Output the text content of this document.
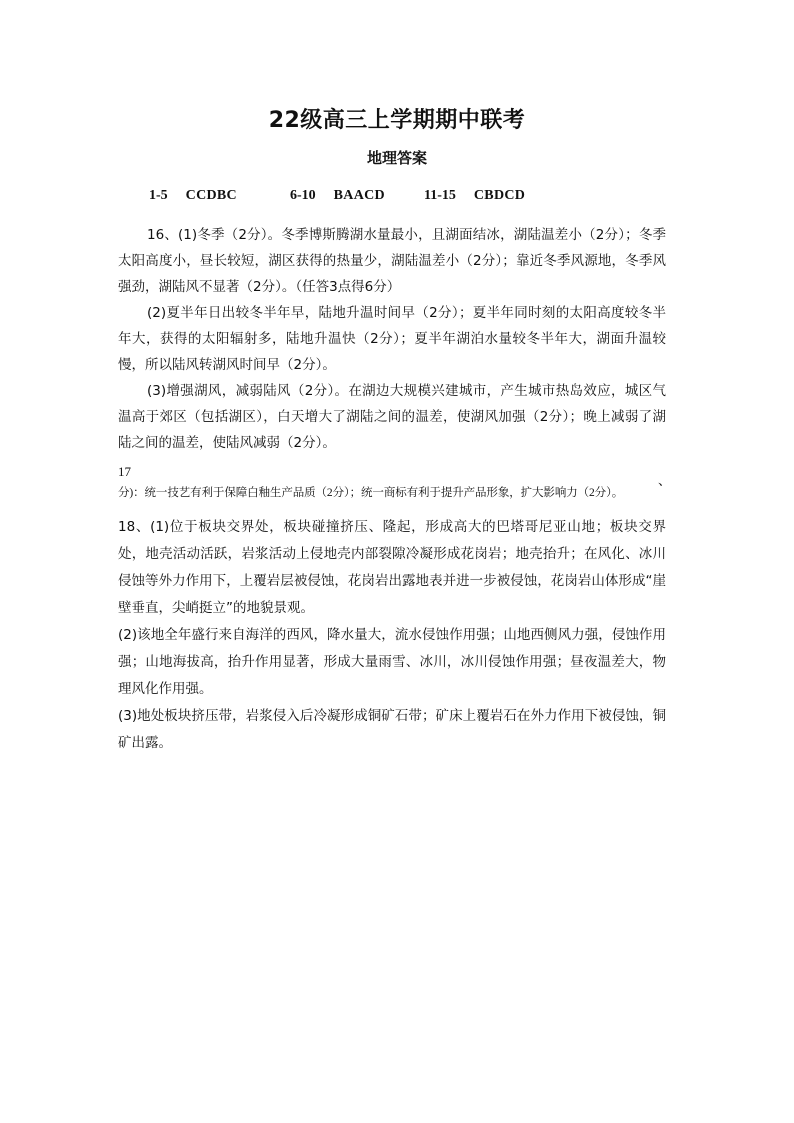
22级高三上学期期中联考
地理答案

1-5 CCDBC
	6-10 BAACD
	11-15 CBDCD

16、(1)冬季（2分）。冬季博斯腾湖水量最小，且湖面结冰，湖陆温差小（2分）；冬季太阳高度小，昼长较短，湖区获得的热量少，湖陆温差小（2分）；靠近冬季风源地，冬季风强劲，湖陆风不显著（2分）。（任答3点得6分）

(2)夏半年日出较冬半年早，陆地升温时间早（2分）；夏半年同时刻的太阳高度较冬半年大，获得的太阳辐射多，陆地升温快（2分）；夏半年湖泊水量较冬半年大，湖面升温较慢，所以陆风转湖风时间早（2分）。

(3)增强湖风，减弱陆风（2分）。在湖边大规模兴建城市，产生城市热岛效应，城区气温高于郊区（包括湖区），白天增大了湖陆之间的温差，使湖风加强（2分）；晚上减弱了湖陆之间的温差，使陆风减弱（2分）。

17
、
分)：统一技艺有利于保障白釉生产品质（2分）；统一商标有利于提升产品形象，扩大影响力（2分）。

18、(1)位于板块交界处，板块碰撞挤压、隆起，形成高大的巴塔哥尼亚山地；板块交界处，地壳活动活跃，岩浆活动上侵地壳内部裂隙冷凝形成花岗岩；地壳抬升；在风化、冰川侵蚀等外力作用下，上覆岩层被侵蚀，花岗岩出露地表并进一步被侵蚀，花岗岩山体形成“崖壁垂直，尖峭挺立”的地貌景观。

(2)该地全年盛行来自海洋的西风，降水量大，流水侵蚀作用强；山地西侧风力强，侵蚀作用强；山地海拔高，抬升作用显著，形成大量雨雪、冰川，冰川侵蚀作用强；昼夜温差大，物理风化作用强。

(3)地处板块挤压带，岩浆侵入后冷凝形成铜矿石带；矿床上覆岩石在外力作用下被侵蚀，铜矿出露。
